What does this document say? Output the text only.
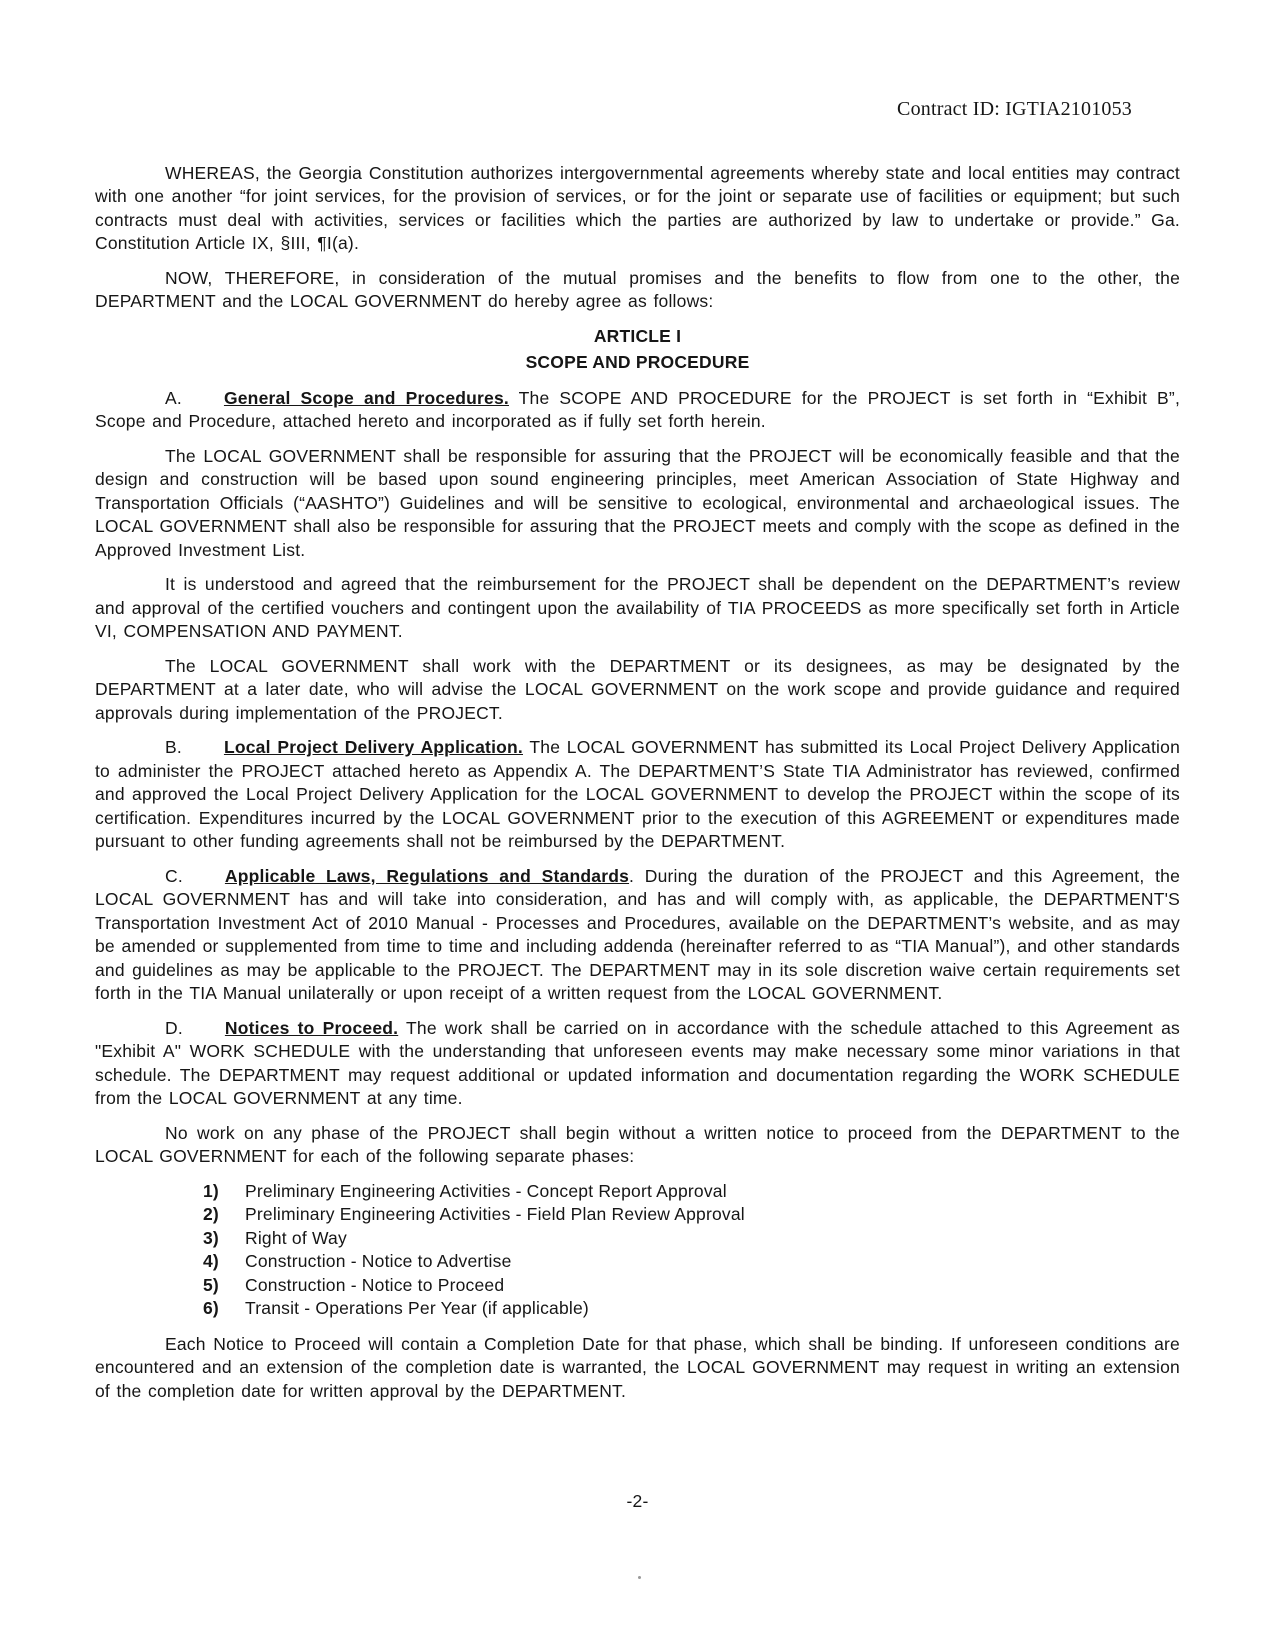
Contract ID: IGTIA2101053

WHEREAS, the Georgia Constitution authorizes intergovernmental agreements whereby state and local entities may contract with one another “for joint services, for the provision of services, or for the joint or separate use of facilities or equipment; but such contracts must deal with activities, services or facilities which the parties are authorized by law to undertake or provide.” Ga. Constitution Article IX, §III, ¶I(a).

NOW, THEREFORE, in consideration of the mutual promises and the benefits to flow from one to the other, the DEPARTMENT and the LOCAL GOVERNMENT do hereby agree as follows:

ARTICLE I
SCOPE AND PROCEDURE

A. General Scope and Procedures. The SCOPE AND PROCEDURE for the PROJECT is set forth in “Exhibit B”, Scope and Procedure, attached hereto and incorporated as if fully set forth herein.

The LOCAL GOVERNMENT shall be responsible for assuring that the PROJECT will be economically feasible and that the design and construction will be based upon sound engineering principles, meet American Association of State Highway and Transportation Officials (“AASHTO”) Guidelines and will be sensitive to ecological, environmental and archaeological issues. The LOCAL GOVERNMENT shall also be responsible for assuring that the PROJECT meets and comply with the scope as defined in the Approved Investment List.

It is understood and agreed that the reimbursement for the PROJECT shall be dependent on the DEPARTMENT’s review and approval of the certified vouchers and contingent upon the availability of TIA PROCEEDS as more specifically set forth in Article VI, COMPENSATION AND PAYMENT.

The LOCAL GOVERNMENT shall work with the DEPARTMENT or its designees, as may be designated by the DEPARTMENT at a later date, who will advise the LOCAL GOVERNMENT on the work scope and provide guidance and required approvals during implementation of the PROJECT.

B. Local Project Delivery Application. The LOCAL GOVERNMENT has submitted its Local Project Delivery Application to administer the PROJECT attached hereto as Appendix A. The DEPARTMENT’S State TIA Administrator has reviewed, confirmed and approved the Local Project Delivery Application for the LOCAL GOVERNMENT to develop the PROJECT within the scope of its certification. Expenditures incurred by the LOCAL GOVERNMENT prior to the execution of this AGREEMENT or expenditures made pursuant to other funding agreements shall not be reimbursed by the DEPARTMENT.

C. Applicable Laws, Regulations and Standards. During the duration of the PROJECT and this Agreement, the LOCAL GOVERNMENT has and will take into consideration, and has and will comply with, as applicable, the DEPARTMENT'S Transportation Investment Act of 2010 Manual - Processes and Procedures, available on the DEPARTMENT’s website, and as may be amended or supplemented from time to time and including addenda (hereinafter referred to as “TIA Manual”), and other standards and guidelines as may be applicable to the PROJECT. The DEPARTMENT may in its sole discretion waive certain requirements set forth in the TIA Manual unilaterally or upon receipt of a written request from the LOCAL GOVERNMENT.

D. Notices to Proceed. The work shall be carried on in accordance with the schedule attached to this Agreement as "Exhibit A" WORK SCHEDULE with the understanding that unforeseen events may make necessary some minor variations in that schedule. The DEPARTMENT may request additional or updated information and documentation regarding the WORK SCHEDULE from the LOCAL GOVERNMENT at any time.

No work on any phase of the PROJECT shall begin without a written notice to proceed from the DEPARTMENT to the LOCAL GOVERNMENT for each of the following separate phases:

1)	Preliminary Engineering Activities - Concept Report Approval
2)	Preliminary Engineering Activities - Field Plan Review Approval
3)	Right of Way
4)	Construction - Notice to Advertise
5)	Construction - Notice to Proceed
6)	Transit - Operations Per Year (if applicable)

Each Notice to Proceed will contain a Completion Date for that phase, which shall be binding. If unforeseen conditions are encountered and an extension of the completion date is warranted, the LOCAL GOVERNMENT may request in writing an extension of the completion date for written approval by the DEPARTMENT.

-2-
